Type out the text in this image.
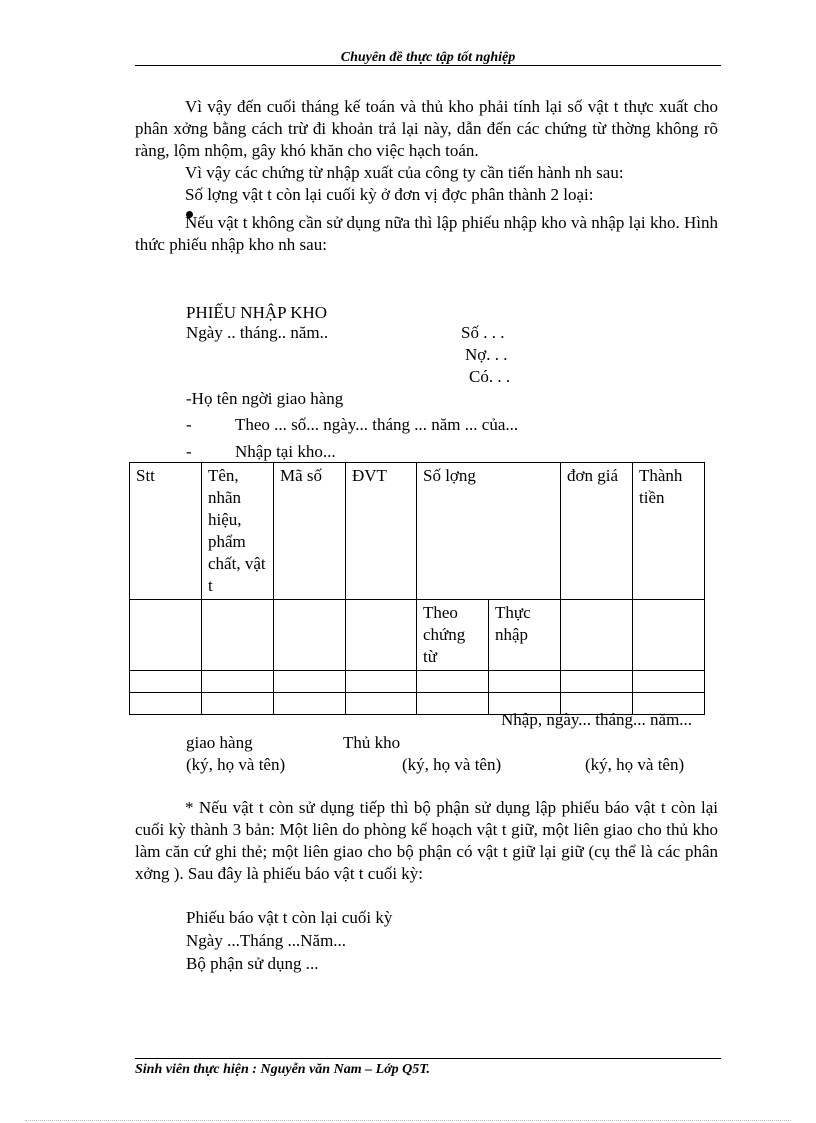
Chuyên đề thực tập tốt nghiệp

Vì vậy đến cuối tháng kế toán và thủ kho phải tính lại số vật t thực xuất cho phân xởng bằng cách trừ đi khoản trả lại này, dẫn đến các chứng từ thờng không rõ ràng, lộm nhộm, gây khó khăn cho việc hạch toán.

Vì vậy các chứng từ nhập xuất của công ty cần tiến hành nh sau:

Số lợng vật t còn lại cuối kỳ ở đơn vị đợc phân thành 2 loại:

Nếu vật t không cần sử dụng nữa thì lập phiếu nhập kho và nhập lại kho. Hình thức phiếu nhập kho nh sau:

PHIẾU NHẬP KHO
Ngày .. tháng.. năm..	Số . . .
Nợ. . .
Có. . .
-Họ tên ngời giao hàng
-	Theo ... số... ngày... tháng ... năm ... của...
-	Nhập tại kho...
Stt	Tên, nhãn hiệu, phẩm chất, vật t	Mã số	ĐVT	Số lợng		đơn giá	Thành tiền
				Theo chứng từ	Thực nhập		

Nhập, ngày... tháng... năm...
giao hàng	Thủ kho
(ký, họ và tên)	(ký, họ và tên)	(ký, họ và tên)

* Nếu vật t còn sử dụng tiếp thì bộ phận sử dụng lập phiếu báo vật t còn lại cuối kỳ thành 3 bản: Một liên do phòng kế hoạch vật t giữ, một liên giao cho thủ kho làm căn cứ ghi thẻ; một liên giao cho bộ phận có vật t giữ lại giữ (cụ thể là các phân xởng ). Sau đây là phiếu báo vật t cuối kỳ:

Phiếu báo vật t còn lại cuối kỳ
Ngày ...Tháng ...Năm...
Bộ phận sử dụng ...
Sinh viên thực hiện : Nguyễn văn Nam – Lớp Q5T.
